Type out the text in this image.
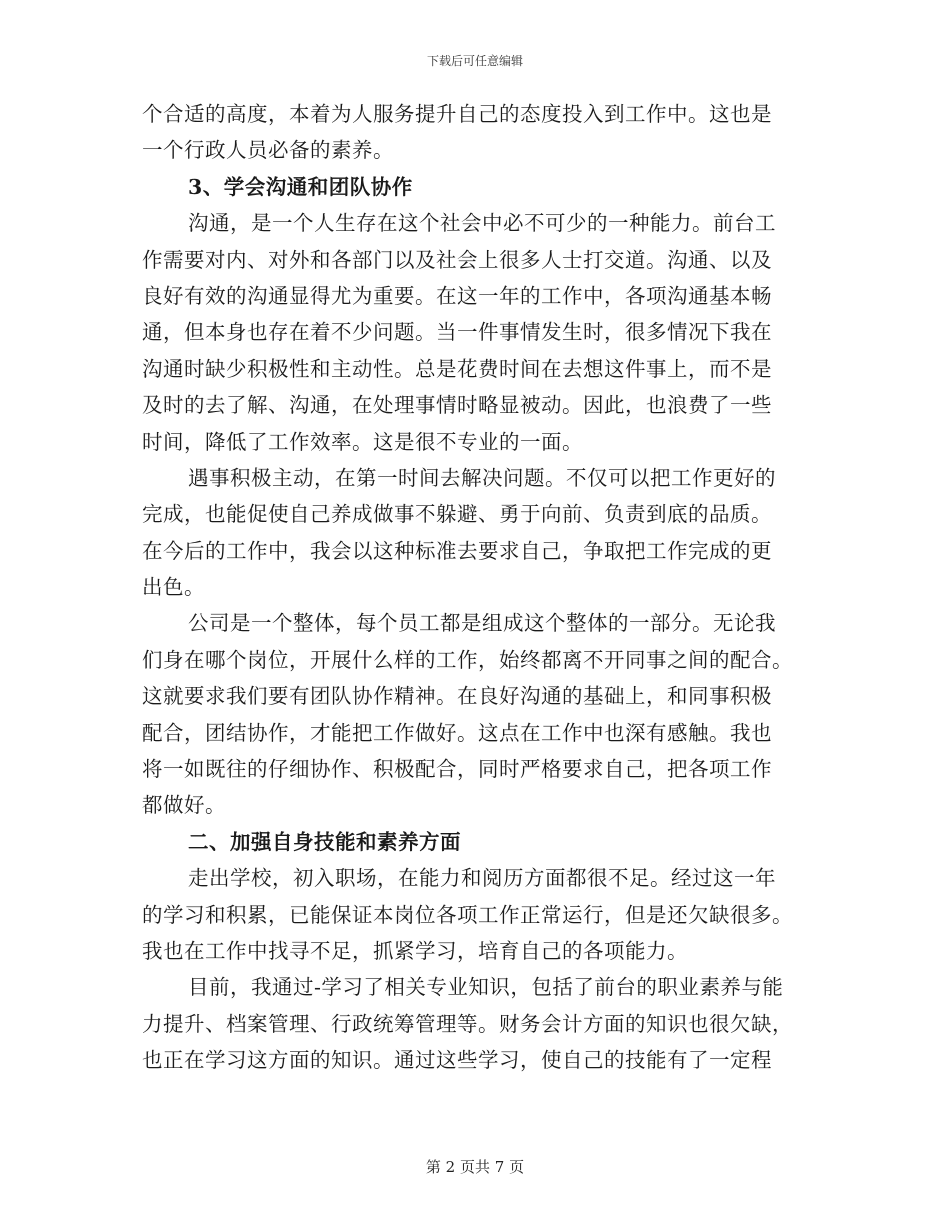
下载后可任意编辑
个合适的高度，本着为人服务提升自己的态度投入到工作中。这也是
一个行政人员必备的素养。
3、学会沟通和团队协作
沟通，是一个人生存在这个社会中必不可少的一种能力。前台工
作需要对内、对外和各部门以及社会上很多人士打交道。沟通、以及
良好有效的沟通显得尤为重要。在这一年的工作中，各项沟通基本畅
通，但本身也存在着不少问题。当一件事情发生时，很多情况下我在
沟通时缺少积极性和主动性。总是花费时间在去想这件事上，而不是
及时的去了解、沟通，在处理事情时略显被动。因此，也浪费了一些
时间，降低了工作效率。这是很不专业的一面。
遇事积极主动，在第一时间去解决问题。不仅可以把工作更好的
完成，也能促使自己养成做事不躲避、勇于向前、负责到底的品质。
在今后的工作中，我会以这种标准去要求自己，争取把工作完成的更
出色。
公司是一个整体，每个员工都是组成这个整体的一部分。无论我
们身在哪个岗位，开展什么样的工作，始终都离不开同事之间的配合。
这就要求我们要有团队协作精神。在良好沟通的基础上，和同事积极
配合，团结协作，才能把工作做好。这点在工作中也深有感触。我也
将一如既往的仔细协作、积极配合，同时严格要求自己，把各项工作
都做好。
二、加强自身技能和素养方面
走出学校，初入职场，在能力和阅历方面都很不足。经过这一年
的学习和积累，已能保证本岗位各项工作正常运行，但是还欠缺很多。
我也在工作中找寻不足，抓紧学习，培育自己的各项能力。
目前，我通过-学习了相关专业知识，包括了前台的职业素养与能
力提升、档案管理、行政统筹管理等。财务会计方面的知识也很欠缺，
也正在学习这方面的知识。通过这些学习，使自己的技能有了一定程
第 2 页共 7 页
